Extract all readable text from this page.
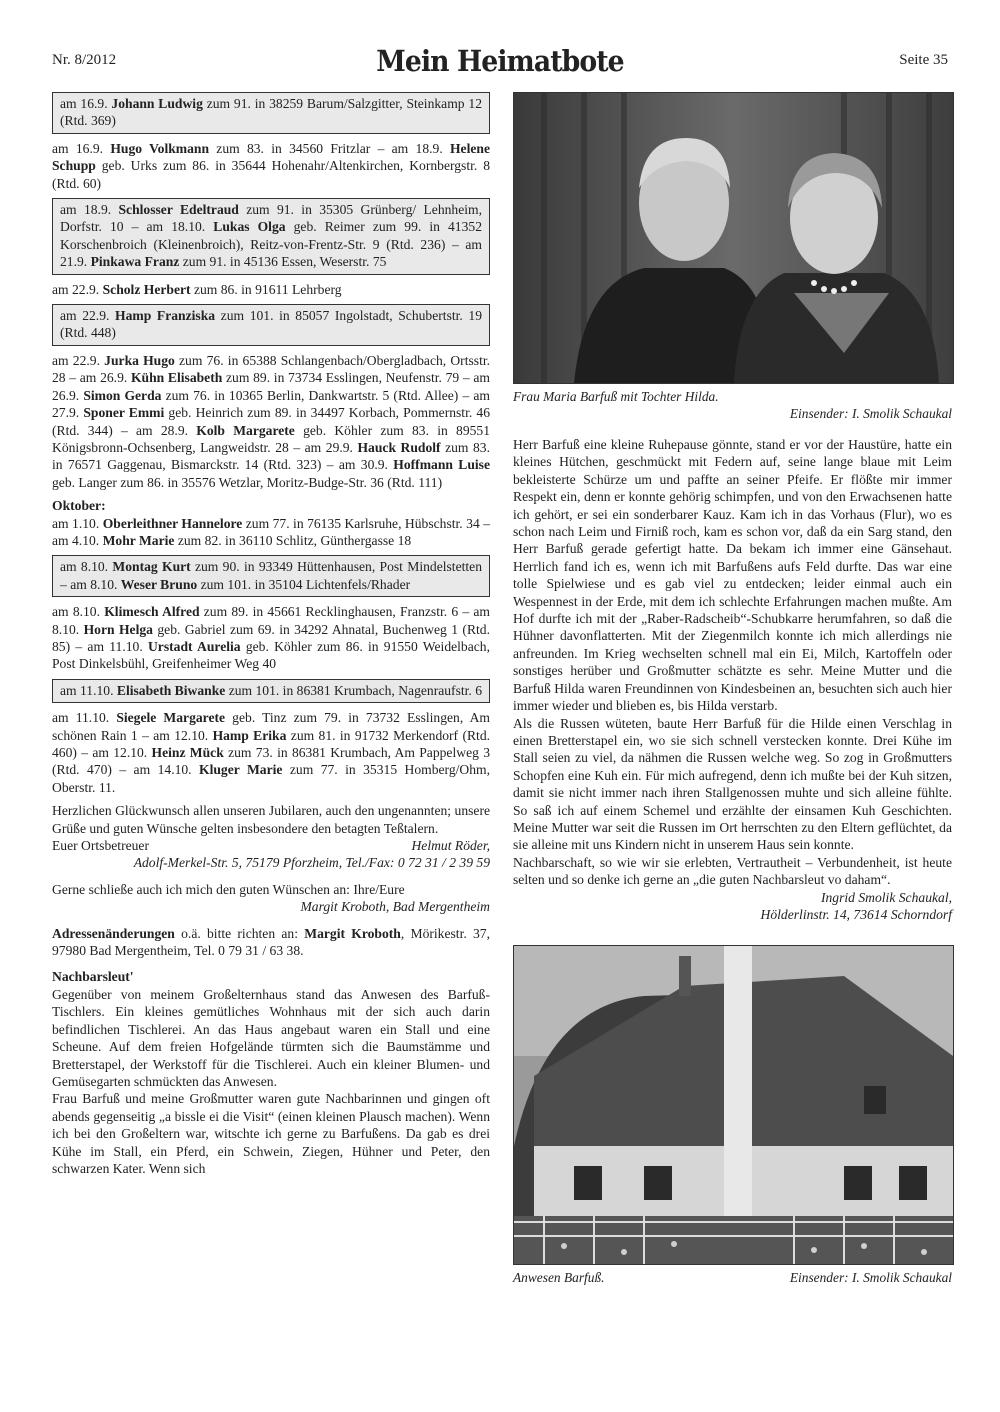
Nr. 8/2012	Mein Heimatbote	Seite 35

am 16.9. Johann Ludwig zum 91. in 38259 Barum/Salzgitter, Steinkamp 12 (Rtd. 369)

am 16.9. Hugo Volkmann zum 83. in 34560 Fritzlar – am 18.9. Helene Schupp geb. Urks zum 86. in 35644 Hohenahr/Altenkirchen, Kornbergstr. 8 (Rtd. 60)

am 18.9. Schlosser Edeltraud zum 91. in 35305 Grünberg/ Lehnheim, Dorfstr. 10 – am 18.10. Lukas Olga geb. Reimer zum 99. in 41352 Korschenbroich (Kleinenbroich), Reitz-von-Frentz-Str. 9 (Rtd. 236) – am 21.9. Pinkawa Franz zum 91. in 45136 Essen, Weserstr. 75

am 22.9. Scholz Herbert zum 86. in 91611 Lehrberg

am 22.9. Hamp Franziska zum 101. in 85057 Ingolstadt, Schubertstr. 19 (Rtd. 448)

am 22.9. Jurka Hugo zum 76. in 65388 Schlangenbach/Obergladbach, Ortsstr. 28 – am 26.9. Kühn Elisabeth zum 89. in 73734 Esslingen, Neufenstr. 79 – am 26.9. Simon Gerda zum 76. in 10365 Berlin, Dankwartstr. 5 (Rtd. Allee) – am 27.9. Sponer Emmi geb. Heinrich zum 89. in 34497 Korbach, Pommernstr. 46 (Rtd. 344) – am 28.9. Kolb Margarete geb. Köhler zum 83. in 89551 Königsbronn-Ochsenberg, Langweidstr. 28 – am 29.9. Hauck Rudolf zum 83. in 76571 Gaggenau, Bismarckstr. 14 (Rtd. 323) – am 30.9. Hoffmann Luise geb. Langer zum 86. in 35576 Wetzlar, Moritz-Budge-Str. 36 (Rtd. 111)

Oktober:

am 1.10. Oberleithner Hannelore zum 77. in 76135 Karlsruhe, Hübschstr. 34 – am 4.10. Mohr Marie zum 82. in 36110 Schlitz, Günthergasse 18

am 8.10. Montag Kurt zum 90. in 93349 Hüttenhausen, Post Mindelstetten – am 8.10. Weser Bruno zum 101. in 35104 Lichtenfels/Rhader

am 8.10. Klimesch Alfred zum 89. in 45661 Recklinghausen, Franzstr. 6 – am 8.10. Horn Helga geb. Gabriel zum 69. in 34292 Ahnatal, Buchenweg 1 (Rtd. 85) – am 11.10. Urstadt Aurelia geb. Köhler zum 86. in 91550 Weidelbach, Post Dinkelsbühl, Greifenheimer Weg 40

am 11.10. Elisabeth Biwanke zum 101. in 86381 Krumbach, Nagenraufstr. 6

am 11.10. Siegele Margarete geb. Tinz zum 79. in 73732 Esslingen, Am schönen Rain 1 – am 12.10. Hamp Erika zum 81. in 91732 Merkendorf (Rtd. 460) – am 12.10. Heinz Mück zum 73. in 86381 Krumbach, Am Pappelweg 3 (Rtd. 470) – am 14.10. Kluger Marie zum 77. in 35315 Homberg/Ohm, Oberstr. 11.

Herzlichen Glückwunsch allen unseren Jubilaren, auch den ungenannten; unsere Grüße und guten Wünsche gelten insbesondere den betagten Teßtalern.

Euer Ortsbetreuer	Helmut Röder,

Adolf-Merkel-Str. 5, 75179 Pforzheim, Tel./Fax: 0 72 31 / 2 39 59

Gerne schließe auch ich mich den guten Wünschen an: Ihre/Eure

Margit Kroboth, Bad Mergentheim

Adressenänderungen o.ä. bitte richten an: Margit Kroboth, Mörikestr. 37, 97980 Bad Mergentheim, Tel. 0 79 31 / 63 38.

Nachbarsleut'

Gegenüber von meinem Großelternhaus stand das Anwesen des Barfuß-Tischlers. Ein kleines gemütliches Wohnhaus mit der sich auch darin befindlichen Tischlerei. An das Haus angebaut waren ein Stall und eine Scheune. Auf dem freien Hofgelände türmten sich die Baumstämme und Bretterstapel, der Werkstoff für die Tischlerei. Auch ein kleiner Blumen- und Gemüsegarten schmückten das Anwesen.

Frau Barfuß und meine Großmutter waren gute Nachbarinnen und gingen oft abends gegenseitig „a bissle ei die Visit“ (einen kleinen Plausch machen). Wenn ich bei den Großeltern war, witschte ich gerne zu Barfußens. Da gab es drei Kühe im Stall, ein Pferd, ein Schwein, Ziegen, Hühner und Peter, den schwarzen Kater. Wenn sich

Frau Maria Barfuß mit Tochter Hilda.

Einsender: I. Smolik Schaukal

Herr Barfuß eine kleine Ruhepause gönnte, stand er vor der Haustüre, hatte ein kleines Hütchen, geschmückt mit Federn auf, seine lange blaue mit Leim bekleisterte Schürze um und paffte an seiner Pfeife. Er flößte mir immer Respekt ein, denn er konnte gehörig schimpfen, und von den Erwachsenen hatte ich gehört, er sei ein sonderbarer Kauz. Kam ich in das Vorhaus (Flur), wo es schon nach Leim und Firniß roch, kam es schon vor, daß da ein Sarg stand, den Herr Barfuß gerade gefertigt hatte. Da bekam ich immer eine Gänsehaut. Herrlich fand ich es, wenn ich mit Barfußens aufs Feld durfte. Das war eine tolle Spielwiese und es gab viel zu entdecken; leider einmal auch ein Wespennest in der Erde, mit dem ich schlechte Erfahrungen machen mußte. Am Hof durfte ich mit der „Raber-Radscheib“-Schubkarre herumfahren, so daß die Hühner davonflatterten. Mit der Ziegenmilch konnte ich mich allerdings nie anfreunden. Im Krieg wechselten schnell mal ein Ei, Milch, Kartoffeln oder sonstiges herüber und Großmutter schätzte es sehr. Meine Mutter und die Barfuß Hilda waren Freundinnen von Kindesbeinen an, besuchten sich auch hier immer wieder und blieben es, bis Hilda verstarb.

Als die Russen wüteten, baute Herr Barfuß für die Hilde einen Verschlag in einen Bretterstapel ein, wo sie sich schnell verstecken konnte. Drei Kühe im Stall seien zu viel, da nähmen die Russen welche weg. So zog in Großmutters Schopfen eine Kuh ein. Für mich aufregend, denn ich mußte bei der Kuh sitzen, damit sie nicht immer nach ihren Stallgenossen muhte und sich alleine fühlte. So saß ich auf einem Schemel und erzählte der einsamen Kuh Geschichten. Meine Mutter war seit die Russen im Ort herrschten zu den Eltern geflüchtet, da sie alleine mit uns Kindern nicht in unserem Haus sein konnte.

Nachbarschaft, so wie wir sie erlebten, Vertrautheit – Verbundenheit, ist heute selten und so denke ich gerne an „die guten Nachbarsleut vo daham“.

Ingrid Smolik Schaukal,

Hölderlinstr. 14, 73614 Schorndorf

Anwesen Barfuß.	Einsender: I. Smolik Schaukal
